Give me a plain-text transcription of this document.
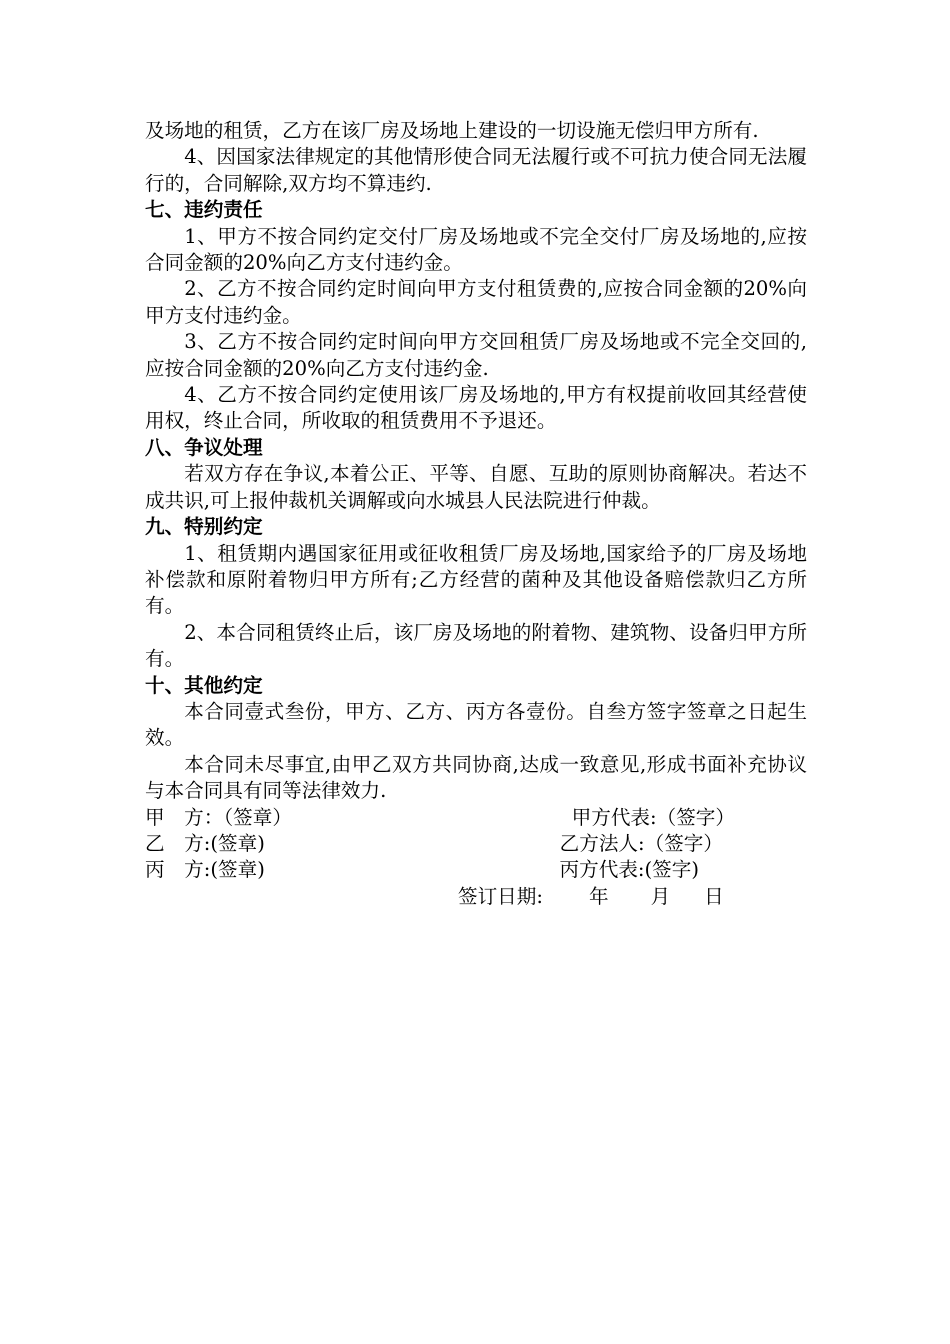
及场地的租赁，乙方在该厂房及场地上建设的一切设施无偿归甲方所有.

4、因国家法律规定的其他情形使合同无法履行或不可抗力使合同无法履行的，合同解除,双方均不算违约.

七、违约责任

1、甲方不按合同约定交付厂房及场地或不完全交付厂房及场地的,应按合同金额的20%向乙方支付违约金。

2、乙方不按合同约定时间向甲方支付租赁费的,应按合同金额的20%向甲方支付违约金。

3、乙方不按合同约定时间向甲方交回租赁厂房及场地或不完全交回的,应按合同金额的20%向乙方支付违约金.

4、乙方不按合同约定使用该厂房及场地的,甲方有权提前收回其经营使用权，终止合同，所收取的租赁费用不予退还。

八、争议处理

若双方存在争议,本着公正、平等、自愿、互助的原则协商解决。若达不成共识,可上报仲裁机关调解或向水城县人民法院进行仲裁。

九、特别约定

1、租赁期内遇国家征用或征收租赁厂房及场地,国家给予的厂房及场地补偿款和原附着物归甲方所有;乙方经营的菌种及其他设备赔偿款归乙方所有。

2、本合同租赁终止后，该厂房及场地的附着物、建筑物、设备归甲方所有。

十、其他约定

本合同壹式叁份，甲方、乙方、丙方各壹份。自叁方签字签章之日起生效。

本合同未尽事宜,由甲乙双方共同协商,达成一致意见,形成书面补充协议与本合同具有同等法律效力.

甲　方：（签章）	甲方代表:（签字）
乙　方:(签章)	乙方法人:（签字）
丙　方:(签章)	丙方代表:(签字)
签订日期: 年 月 日
